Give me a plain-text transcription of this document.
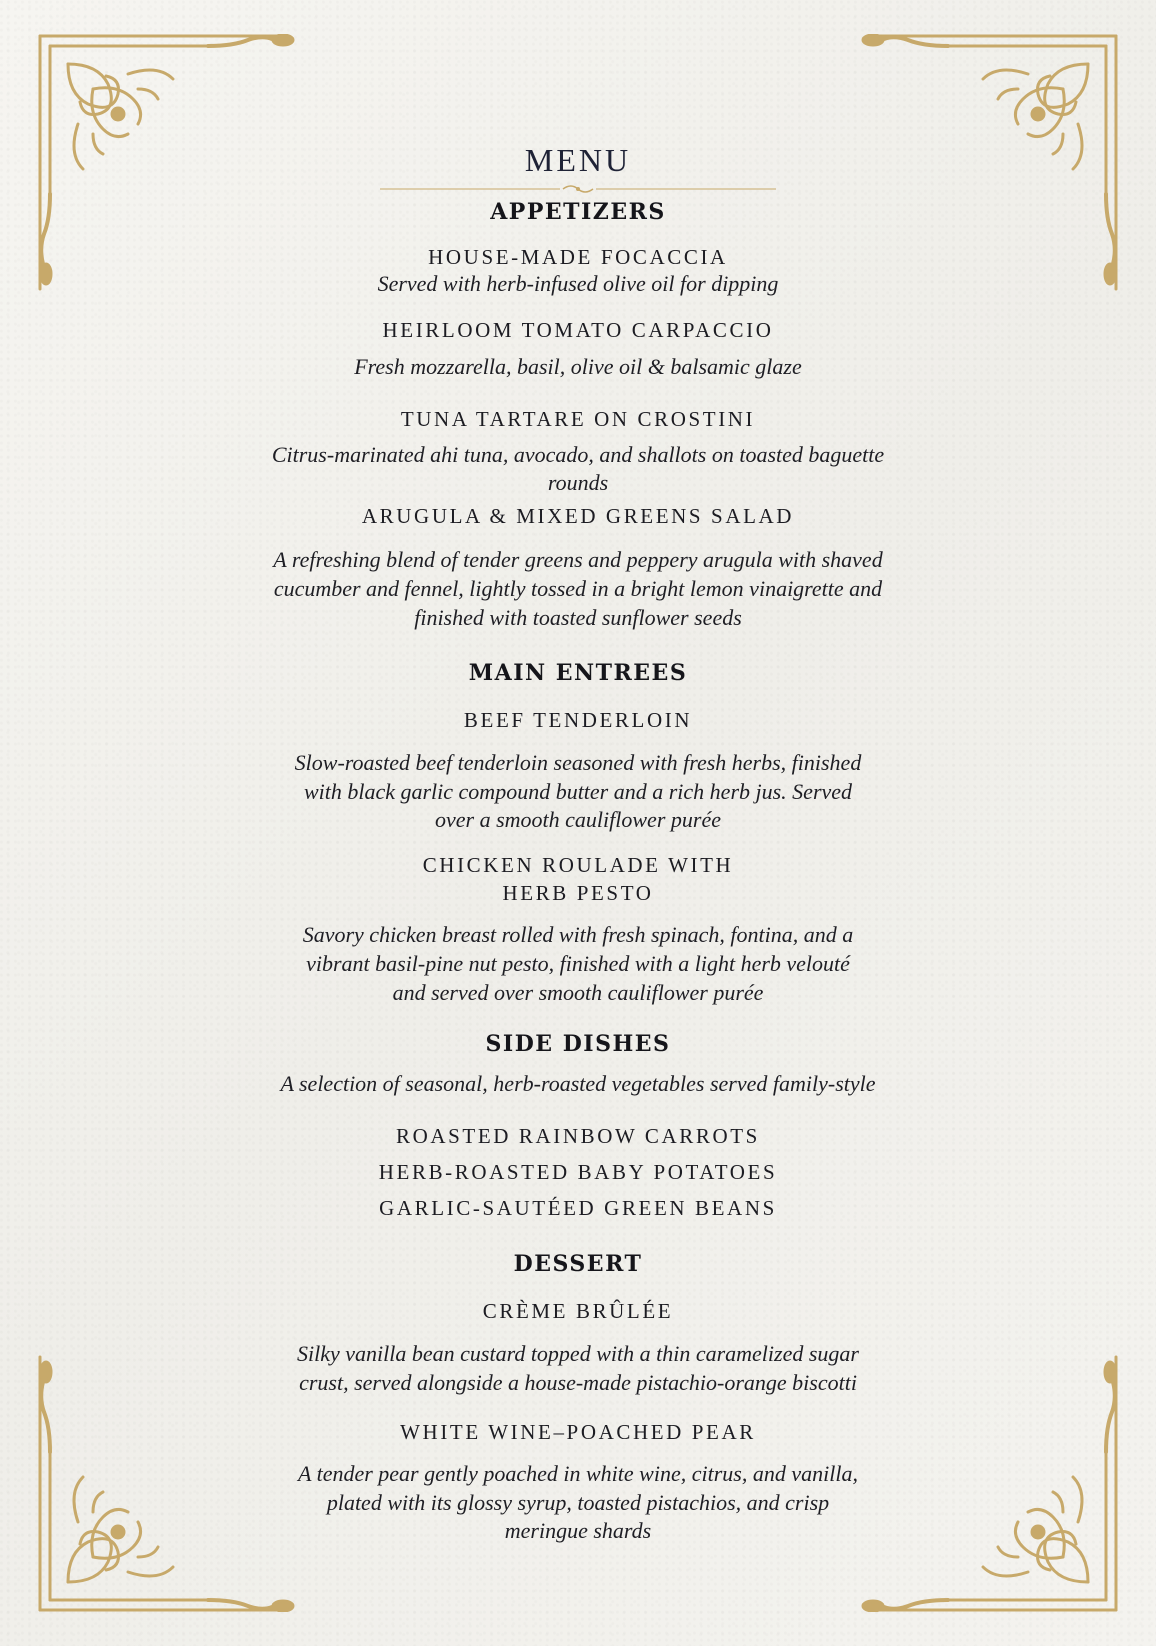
MENU
APPETIZERS
HOUSE-MADE FOCACCIA
Served with herb-infused olive oil for dipping
HEIRLOOM TOMATO CARPACCIO
Fresh mozzarella, basil, olive oil & balsamic glaze
TUNA TARTARE ON CROSTINI
Citrus-marinated ahi tuna, avocado, and shallots on toasted baguette
rounds
ARUGULA & MIXED GREENS SALAD
A refreshing blend of tender greens and peppery arugula with shaved
cucumber and fennel, lightly tossed in a bright lemon vinaigrette and
finished with toasted sunflower seeds
MAIN ENTREES
BEEF TENDERLOIN
Slow-roasted beef tenderloin seasoned with fresh herbs, finished
with black garlic compound butter and a rich herb jus. Served
over a smooth cauliflower purée
CHICKEN ROULADE WITH
HERB PESTO
Savory chicken breast rolled with fresh spinach, fontina, and a
vibrant basil-pine nut pesto, finished with a light herb velouté
and served over smooth cauliflower purée
SIDE DISHES
A selection of seasonal, herb-roasted vegetables served family-style
ROASTED RAINBOW CARROTS
HERB-ROASTED BABY POTATOES
GARLIC-SAUTÉED GREEN BEANS
DESSERT
CRÈME BRÛLÉE
Silky vanilla bean custard topped with a thin caramelized sugar
crust, served alongside a house-made pistachio-orange biscotti
WHITE WINE–POACHED PEAR
A tender pear gently poached in white wine, citrus, and vanilla,
plated with its glossy syrup, toasted pistachios, and crisp
meringue shards
